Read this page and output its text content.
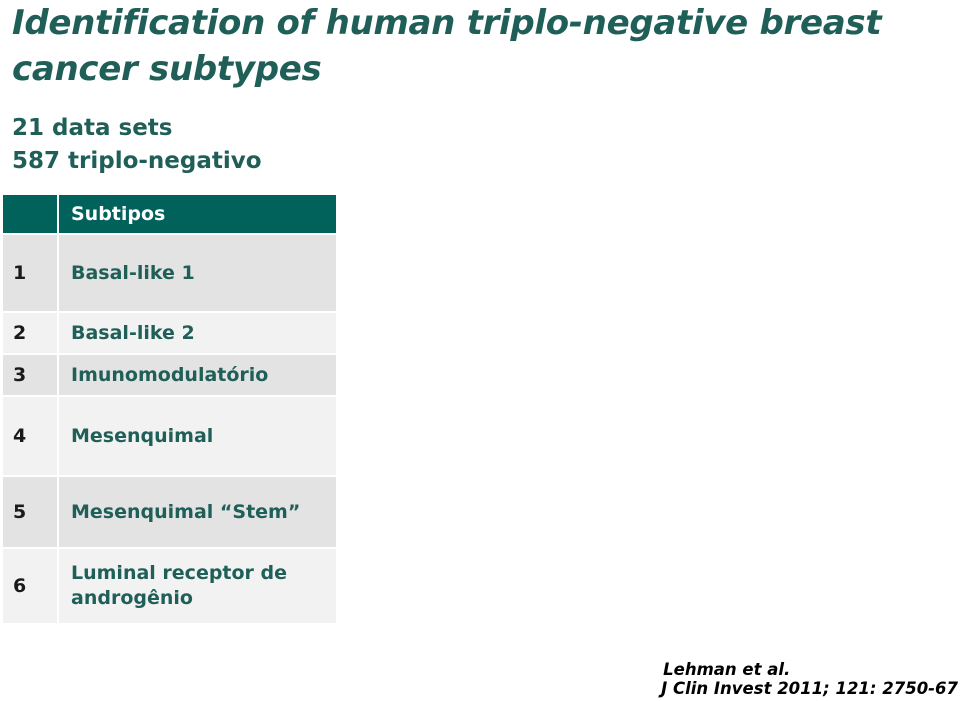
Identification of human triplo-negative breast cancer subtypes
21 data sets
587 triplo-negativo
	Subtipos
1	Basal-like 1
2	Basal-like 2
3	Imunomodulatório
4	Mesenquimal
5	Mesenquimal “Stem”
6	Luminal receptor de
androgênio
Lehman et al.
J Clin Invest 2011; 121: 2750-67
